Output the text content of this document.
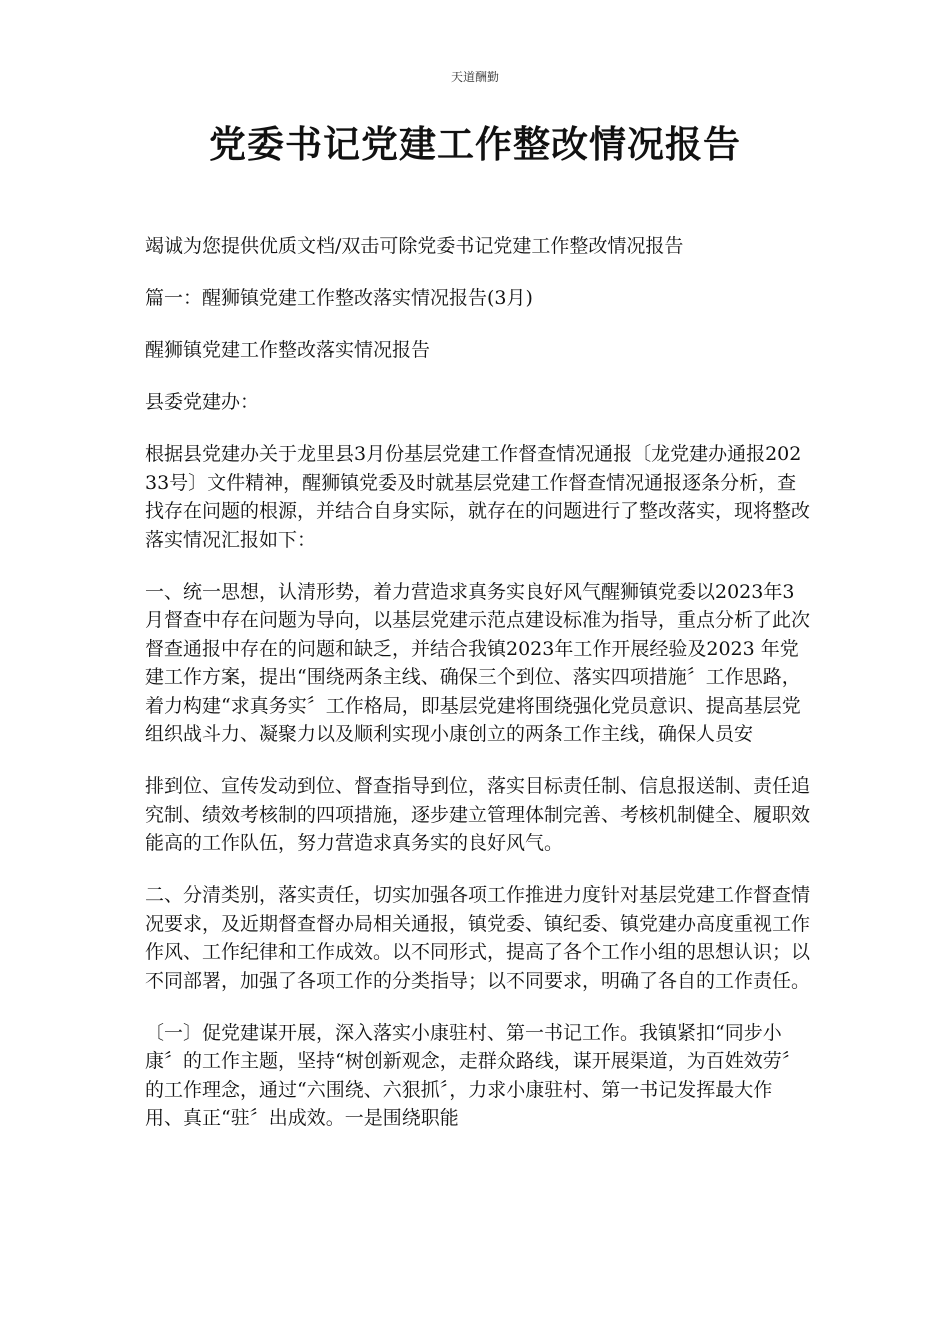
天道酬勤
党委书记党建工作整改情况报告

竭诚为您提供优质文档/双击可除党委书记党建工作整改情况报告

篇一：醒狮镇党建工作整改落实情况报告(3月)

醒狮镇党建工作整改落实情况报告

县委党建办：

根据县党建办关于龙里县3月份基层党建工作督查情况通报〔龙党建办通报20233号〕文件精神，醒狮镇党委及时就基层党建工作督查情况通报逐条分析，查找存在问题的根源，并结合自身实际，就存在的问题进行了整改落实，现将整改落实情况汇报如下：

一、统一思想，认清形势，着力营造求真务实良好风气醒狮镇党委以2023年3月督查中存在问题为导向，以基层党建示范点建设标准为指导，重点分析了此次督查通报中存在的问题和缺乏，并结合我镇2023年工作开展经验及2023 年党建工作方案，提出“围绕两条主线、确保三个到位、落实四项措施〞工作思路，着力构建“求真务实〞工作格局，即基层党建将围绕强化党员意识、提高基层党组织战斗力、凝聚力以及顺利实现小康创立的两条工作主线，确保人员安

排到位、宣传发动到位、督查指导到位，落实目标责任制、信息报送制、责任追究制、绩效考核制的四项措施，逐步建立管理体制完善、考核机制健全、履职效能高的工作队伍，努力营造求真务实的良好风气。

二、分清类别，落实责任，切实加强各项工作推进力度针对基层党建工作督查情况要求，及近期督查督办局相关通报，镇党委、镇纪委、镇党建办高度重视工作作风、工作纪律和工作成效。以不同形式，提高了各个工作小组的思想认识；以不同部署，加强了各项工作的分类指导；以不同要求，明确了各自的工作责任。

〔一〕促党建谋开展，深入落实小康驻村、第一书记工作。我镇紧扣“同步小康〞的工作主题，坚持“树创新观念，走群众路线，谋开展渠道，为百姓效劳〞的工作理念，通过“六围绕、六狠抓〞，力求小康驻村、第一书记发挥最大作用、真正“驻〞出成效。一是围绕职能
